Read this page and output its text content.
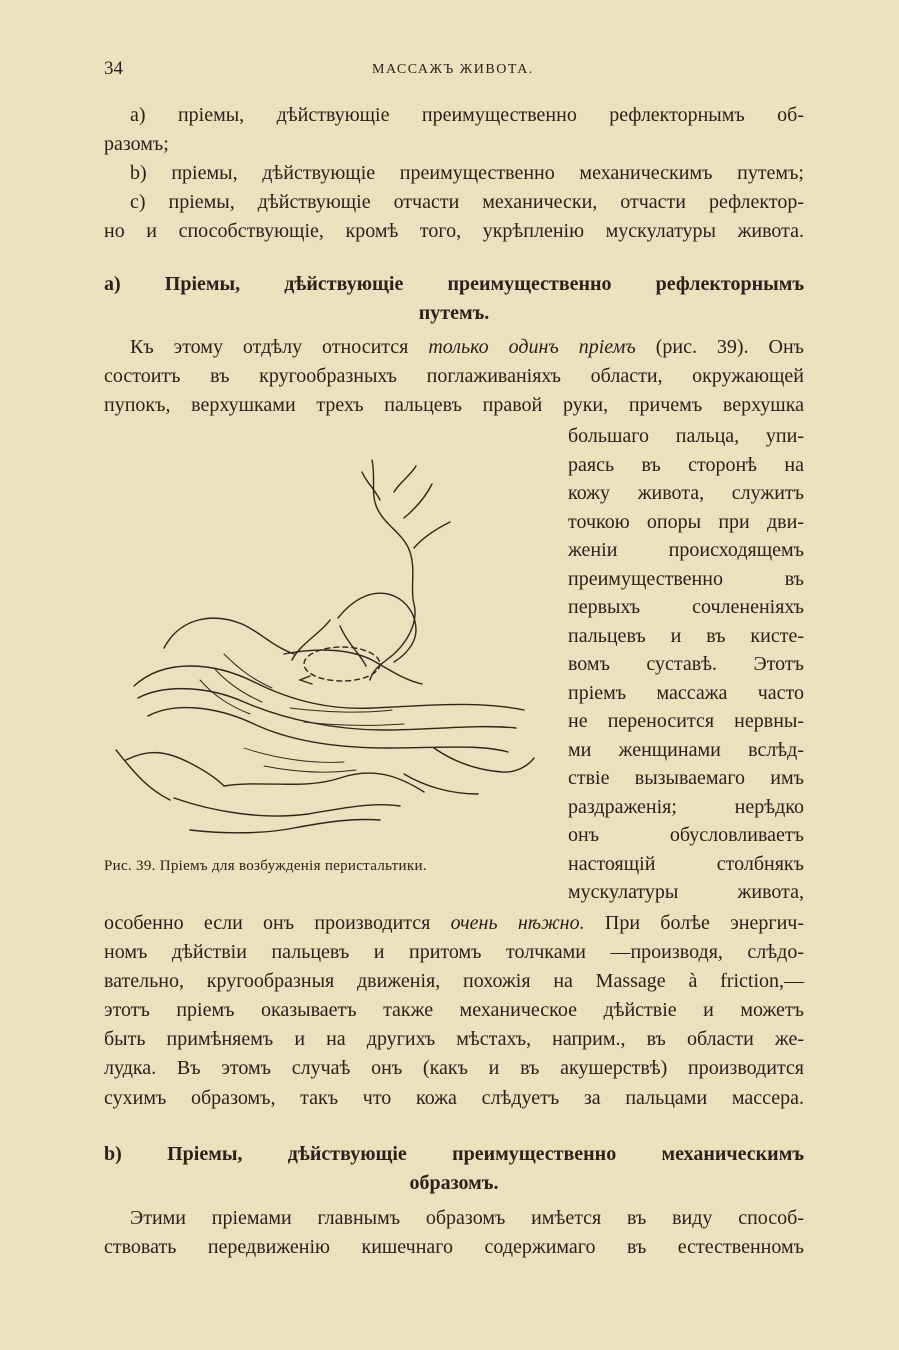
34	МАССАЖЪ ЖИВОТА.
a) пріемы, дѣйствующіе преимущественно рефлекторнымъ об-
разомъ;
b) пріемы, дѣйствующіе преимущественно механическимъ путемъ;
c) пріемы, дѣйствующіе отчасти механически, отчасти рефлектор-
но и способствующіе, кромѣ того, укрѣпленію мускулатуры живота.
a) Пріемы, дѣйствующіе преимущественно рефлекторнымъ
путемъ.
Къ этому отдѣлу относится только одинъ пріемъ (рис. 39). Онъ
состоитъ въ кругообразныхъ поглаживаніяхъ области, окружающей
пупокъ, верхушками трехъ пальцевъ правой руки, причемъ верхушка
большаго пальца, упи-
раясь въ сторонѣ на
кожу живота, служитъ
точкою опоры при дви-
женіи происходящемъ
преимущественно въ
первыхъ сочлененіяхъ
пальцевъ и въ кисте-
вомъ суставѣ. Этотъ
пріемъ массажа часто
не переносится нервны-
ми женщинами вслѣд-
ствіе вызываемаго имъ
раздраженія; нерѣдко
онъ обусловливаетъ
настоящій столбнякъ
мускулатуры живота,
Рис. 39. Пріемъ для возбужденія перистальтики.
особенно если онъ производится очень нѣжно. При болѣе энергич-
номъ дѣйствіи пальцевъ и притомъ толчками —производя, слѣдо-
вательно, кругообразныя движенія, похожія на Massage à friction,—
этотъ пріемъ оказываетъ также механическое дѣйствіе и можетъ
быть примѣняемъ и на другихъ мѣстахъ, наприм., въ области же-
лудка. Въ этомъ случаѣ онъ (какъ и въ акушерствѣ) производится
сухимъ образомъ, такъ что кожа слѣдуетъ за пальцами массера.
b) Пріемы, дѣйствующіе преимущественно механическимъ
образомъ.
Этими пріемами главнымъ образомъ имѣется въ виду способ-
ствовать передвиженію кишечнаго содержимаго въ естественномъ
